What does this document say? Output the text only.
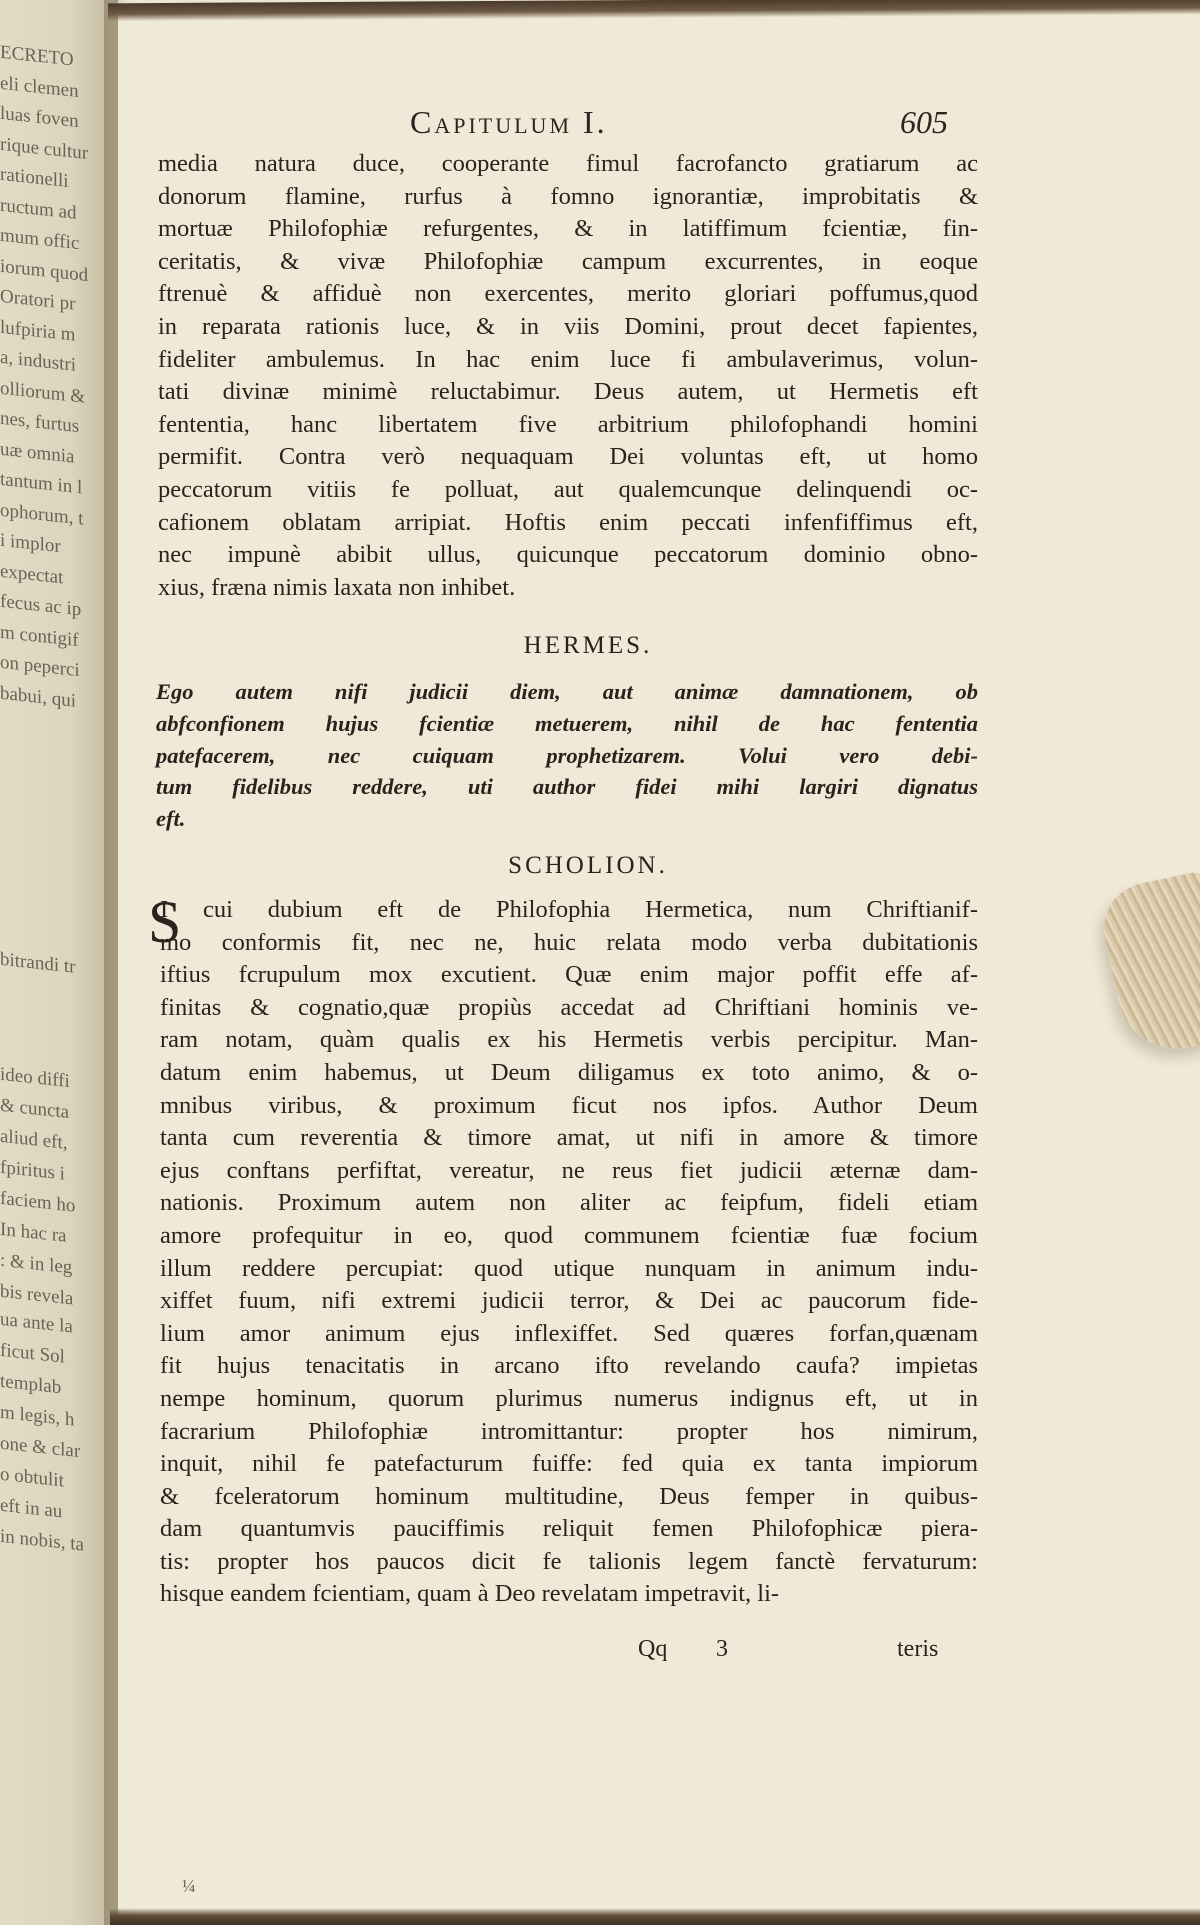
ECRETO
eli clemen
luas foven
rique cultur
rationelli
ructum ad
mum offic
iorum quod
Oratori pr
lufpiria m
a, industri
olliorum &
nes, furtus
uæ omnia
tantum in l
ophorum, t
i implor
expectat
fecus ac ip
m contigif
on peperci
babui, qui
bitrandi tr
ideo diffi
& cuncta
aliud eft,
fpiritus i
faciem ho
In hac ra
: & in leg
bis revela
ua ante la
ficut Sol
templab
m legis, h
one & clar
o obtulit
eft in au
in nobis, ta
Capitulum I.	605
media natura duce, cooperante fimul facrofancto gratiarum ac
donorum flamine, rurfus à fomno ignorantiæ, improbitatis &
mortuæ Philofophiæ refurgentes, & in latiffimum fcientiæ, fin-
ceritatis, & vivæ Philofophiæ campum excurrentes, in eoque
ftrenuè & affiduè non exercentes, merito gloriari poffumus,quod
in reparata rationis luce, & in viis Domini, prout decet fapientes,
fideliter ambulemus. In hac enim luce fi ambulaverimus, volun-
tati divinæ minimè reluctabimur. Deus autem, ut Hermetis eft
fententia, hanc libertatem five arbitrium philofophandi homini
permifit. Contra verò nequaquam Dei voluntas eft, ut homo
peccatorum vitiis fe polluat, aut qualemcunque delinquendi oc-
cafionem oblatam arripiat. Hoftis enim peccati infenfiffimus eft,
nec impunè abibit ullus, quicunque peccatorum dominio obno-
xius, fræna nimis laxata non inhibet.
HERMES.
Ego autem nifi judicii diem, aut animæ damnationem, ob
abfconfionem hujus fcientiæ metuerem, nihil de hac fententia
patefacerem, nec cuiquam prophetizarem. Volui vero debi-
tum fidelibus reddere, uti author fidei mihi largiri dignatus
eft.
SCHOLION.
S
I cui dubium eft de Philofophia Hermetica, num Chriftianif-
mo conformis fit, nec ne, huic relata modo verba dubitationis
iftius fcrupulum mox excutient. Quæ enim major poffit effe af-
finitas & cognatio,quæ propiùs accedat ad Chriftiani hominis ve-
ram notam, quàm qualis ex his Hermetis verbis percipitur. Man-
datum enim habemus, ut Deum diligamus ex toto animo, & o-
mnibus viribus, & proximum ficut nos ipfos. Author Deum
tanta cum reverentia & timore amat, ut nifi in amore & timore
ejus conftans perfiftat, vereatur, ne reus fiet judicii æternæ dam-
nationis. Proximum autem non aliter ac feipfum, fideli etiam
amore profequitur in eo, quod communem fcientiæ fuæ focium
illum reddere percupiat: quod utique nunquam in animum indu-
xiffet fuum, nifi extremi judicii terror, & Dei ac paucorum fide-
lium amor animum ejus inflexiffet. Sed quæres forfan,quænam
fit hujus tenacitatis in arcano ifto revelando caufa? impietas
nempe hominum, quorum plurimus numerus indignus eft, ut in
facrarium Philofophiæ intromittantur: propter hos nimirum,
inquit, nihil fe patefacturum fuiffe: fed quia ex tanta impiorum
& fceleratorum hominum multitudine, Deus femper in quibus-
dam quantumvis pauciffimis reliquit femen Philofophicæ piera-
tis: propter hos paucos dicit fe talionis legem fanctè fervaturum:
hisque eandem fcientiam, quam à Deo revelatam impetravit, li-
Qq 3	teris
¼
